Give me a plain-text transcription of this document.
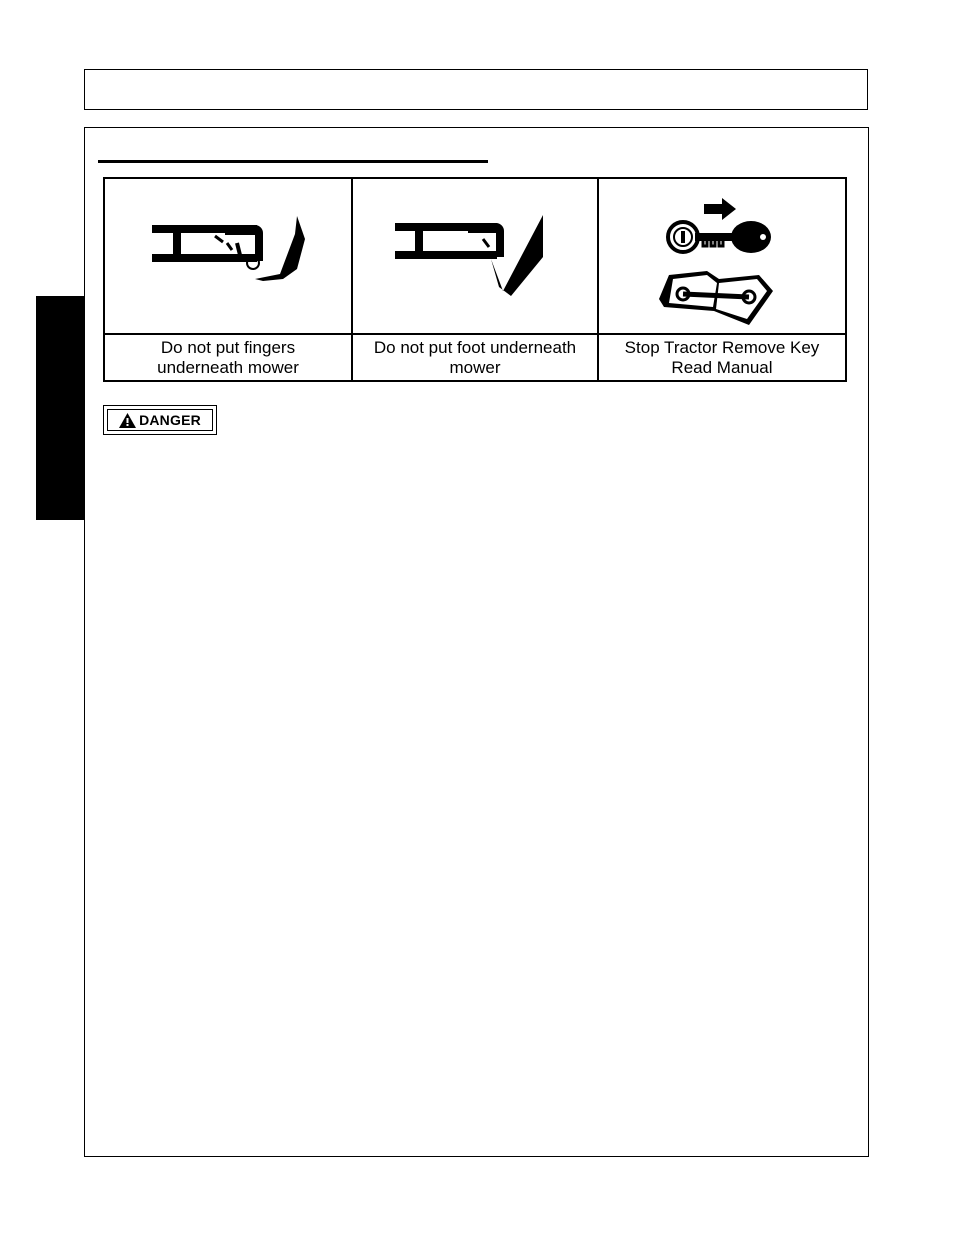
Do not put fingers
underneath mower
Do not put foot underneath
mower
Stop Tractor Remove Key
Read Manual
DANGER
